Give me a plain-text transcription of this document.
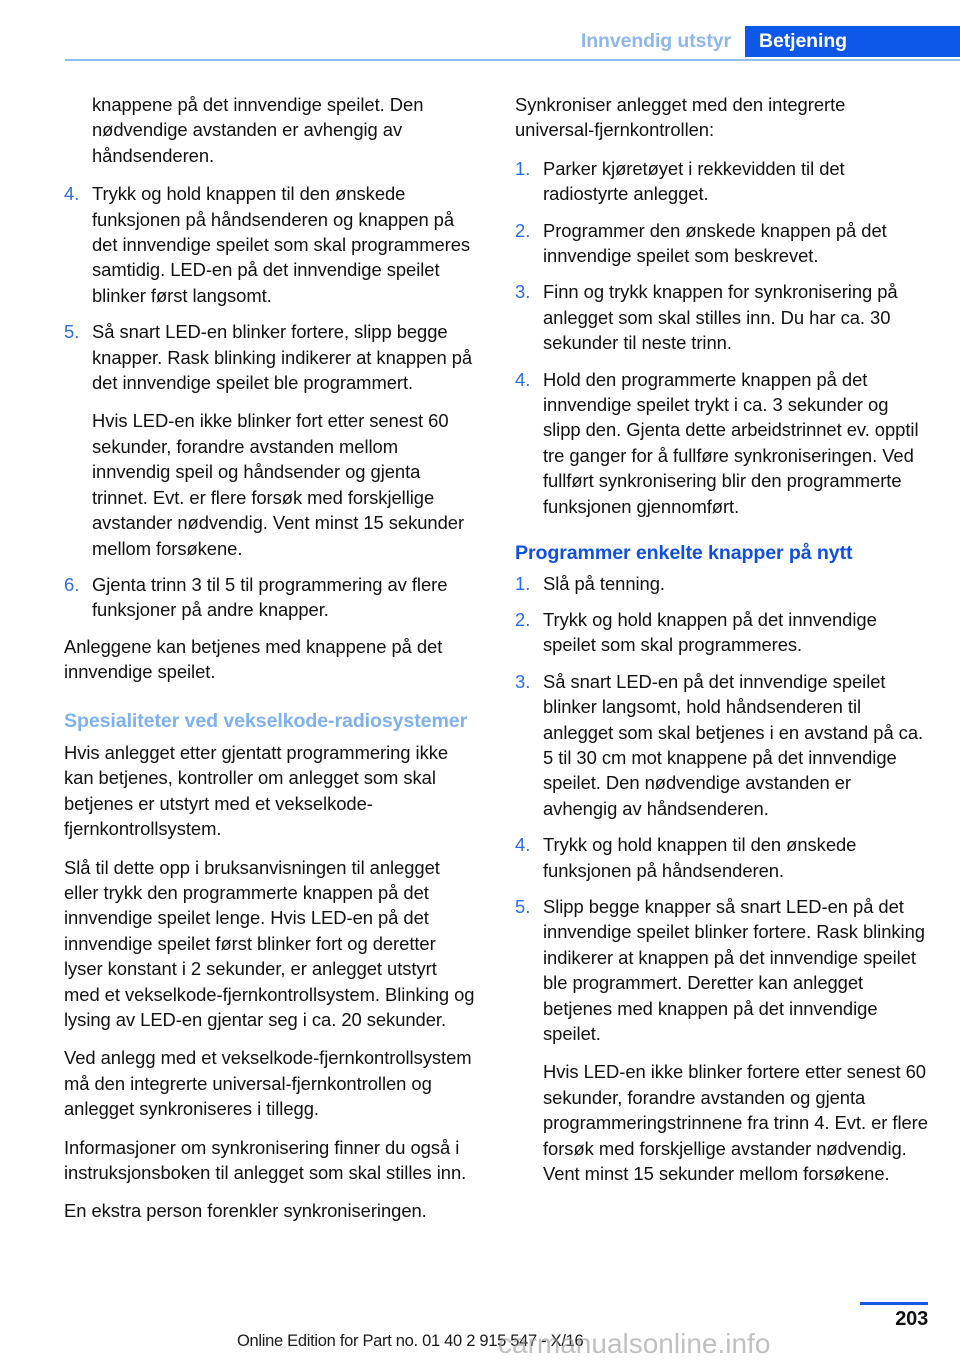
Innvendig utstyr	Betjening

knappene på det innvendige speilet. Den nødvendige avstanden er avhengig av håndsenderen.

4. Trykk og hold knappen til den ønskede funksjonen på håndsenderen og knappen på det innvendige speilet som skal programmeres samtidig. LED-en på det innvendige speilet blinker først langsomt.
5. Så snart LED-en blinker fortere, slipp begge knapper. Rask blinking indikerer at knappen på det innvendige speilet ble programmert.
Hvis LED-en ikke blinker fort etter senest 60 sekunder, forandre avstanden mellom innvendig speil og håndsender og gjenta trinnet. Evt. er flere forsøk med forskjellige avstander nødvendig. Vent minst 15 sekunder mellom forsøkene.
6. Gjenta trinn 3 til 5 til programmering av flere funksjoner på andre knapper.

Anleggene kan betjenes med knappene på det innvendige speilet.

Spesialiteter ved vekselkode-radiosystemer

Hvis anlegget etter gjentatt programmering ikke kan betjenes, kontroller om anlegget som skal betjenes er utstyrt med et vekselkode-fjernkontrollsystem.

Slå til dette opp i bruksanvisningen til anlegget eller trykk den programmerte knappen på det innvendige speilet lenge. Hvis LED-en på det innvendige speilet først blinker fort og deretter lyser konstant i 2 sekunder, er anlegget utstyrt med et vekselkode-fjernkontrollsystem. Blinking og lysing av LED-en gjentar seg i ca. 20 sekunder.

Ved anlegg med et vekselkode-fjernkontrollsystem må den integrerte universal-fjernkontrollen og anlegget synkroniseres i tillegg.

Informasjoner om synkronisering finner du også i instruksjonsboken til anlegget som skal stilles inn.

En ekstra person forenkler synkroniseringen.

Synkroniser anlegget med den integrerte universal-fjernkontrollen:

1. Parker kjøretøyet i rekkevidden til det radiostyrte anlegget.
2. Programmer den ønskede knappen på det innvendige speilet som beskrevet.
3. Finn og trykk knappen for synkronisering på anlegget som skal stilles inn. Du har ca. 30 sekunder til neste trinn.
4. Hold den programmerte knappen på det innvendige speilet trykt i ca. 3 sekunder og slipp den. Gjenta dette arbeidstrinnet ev. opptil tre ganger for å fullføre synkroniseringen. Ved fullført synkronisering blir den programmerte funksjonen gjennomført.
Programmer enkelte knapper på nytt
1. Slå på tenning.
2. Trykk og hold knappen på det innvendige speilet som skal programmeres.
3. Så snart LED-en på det innvendige speilet blinker langsomt, hold håndsenderen til anlegget som skal betjenes i en avstand på ca. 5 til 30 cm mot knappene på det innvendige speilet. Den nødvendige avstanden er avhengig av håndsenderen.
4. Trykk og hold knappen til den ønskede funksjonen på håndsenderen.
5. Slipp begge knapper så snart LED-en på det innvendige speilet blinker fortere. Rask blinking indikerer at knappen på det innvendige speilet ble programmert. Deretter kan anlegget betjenes med knappen på det innvendige speilet.
Hvis LED-en ikke blinker fortere etter senest 60 sekunder, forandre avstanden og gjenta programmeringstrinnene fra trinn 4. Evt. er flere forsøk med forskjellige avstander nødvendig. Vent minst 15 sekunder mellom forsøkene.
203
Online Edition for Part no. 01 40 2 915 547 - X/16
carmanualsonline.info
